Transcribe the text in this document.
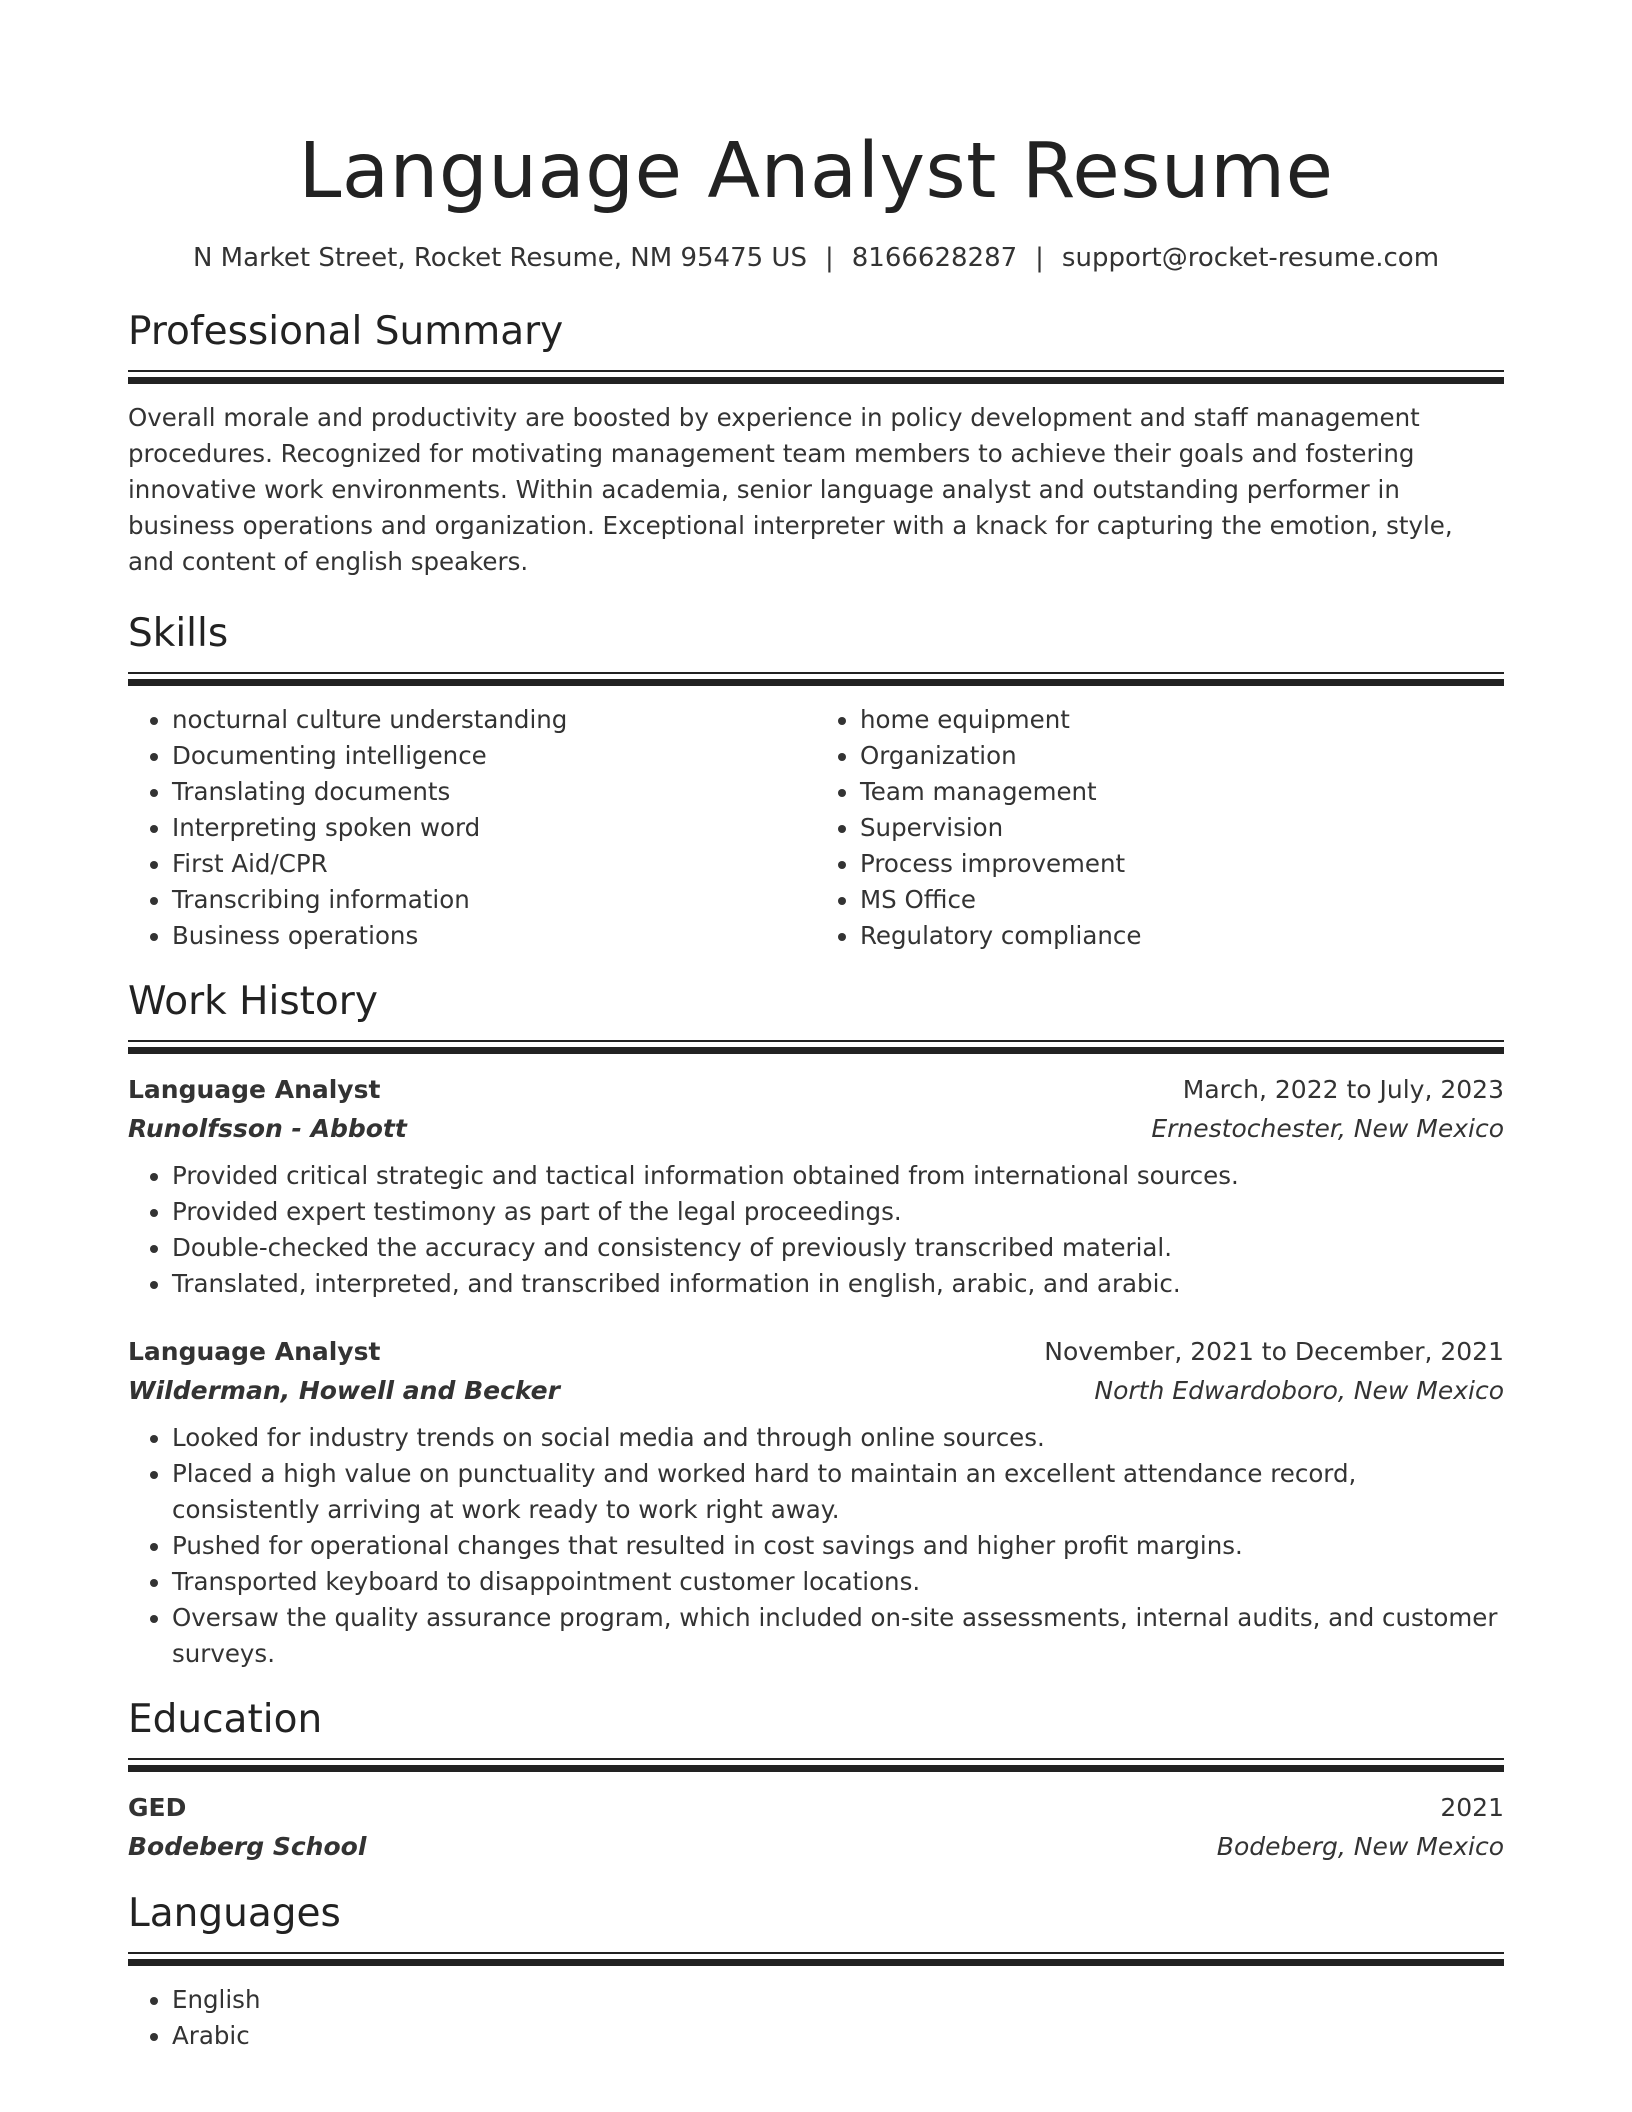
Language Analyst Resume
N Market Street, Rocket Resume, NM 95475 US | 8166628287 | support@rocket-resume.com
Professional Summary

Overall morale and productivity are boosted by experience in policy development and staff management procedures. Recognized for motivating management team members to achieve their goals and fostering innovative work environments. Within academia, senior language analyst and outstanding performer in business operations and organization. Exceptional interpreter with a knack for capturing the emotion, style, and content of english speakers.

Skills
• nocturnal culture understanding
• Documenting intelligence
• Translating documents
• Interpreting spoken word
• First Aid/CPR
• Transcribing information
• Business operations
• home equipment
• Organization
• Team management
• Supervision
• Process improvement
• MS Office
• Regulatory compliance
Work History
Language Analyst	March, 2022 to July, 2023
Runolfsson - Abbott	Ernestochester, New Mexico
• Provided critical strategic and tactical information obtained from international sources.
• Provided expert testimony as part of the legal proceedings.
• Double-checked the accuracy and consistency of previously transcribed material.
• Translated, interpreted, and transcribed information in english, arabic, and arabic.
Language Analyst	November, 2021 to December, 2021
Wilderman, Howell and Becker	North Edwardoboro, New Mexico
• Looked for industry trends on social media and through online sources.
• Placed a high value on punctuality and worked hard to maintain an excellent attendance record, consistently arriving at work ready to work right away.
• Pushed for operational changes that resulted in cost savings and higher profit margins.
• Transported keyboard to disappointment customer locations.
• Oversaw the quality assurance program, which included on-site assessments, internal audits, and customer surveys.
Education
GED	2021
Bodeberg School	Bodeberg, New Mexico
Languages
• English
• Arabic
